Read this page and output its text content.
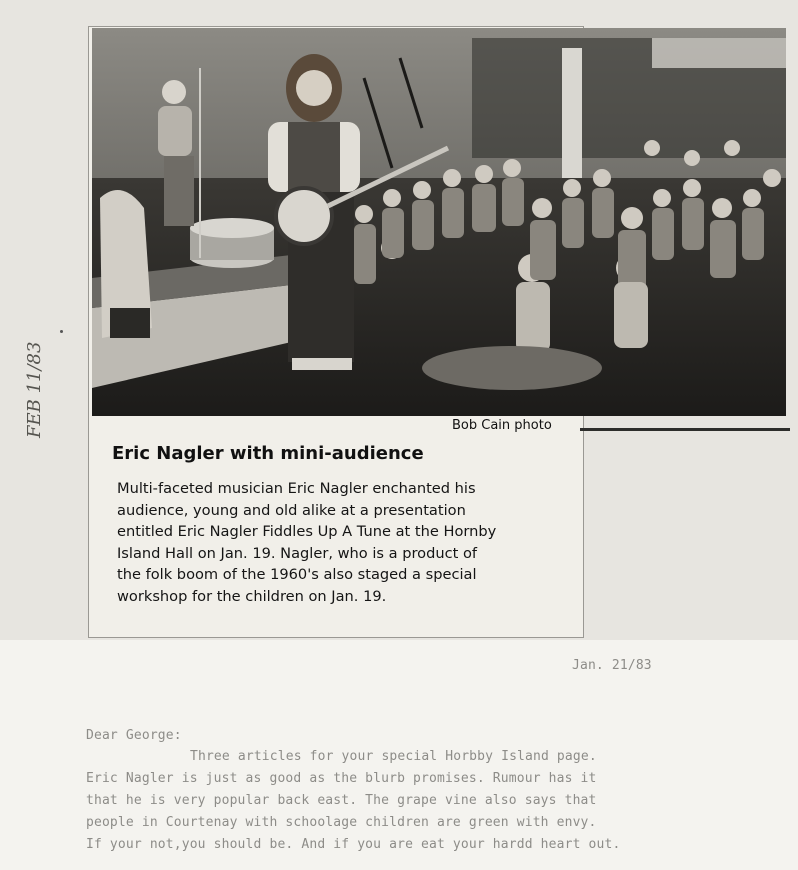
Bob Cain photo
Eric Nagler with mini-audience

Multi-faceted musician Eric Nagler enchanted his
audience, young and old alike at a presentation
entitled Eric Nagler Fiddles Up A Tune at the Hornby
Island Hall on Jan. 19. Nagler, who is a product of
the folk boom of the 1960's also staged a special
workshop for the children on Jan. 19.

FEB 11/83
Jan. 21/83
Dear George:
Three articles for your special Horbby Island page.
Eric Nagler is just as good as the blurb promises. Rumour has it
that he is very popular back east. The grape vine also says that
people in Courtenay with schoolage children are green with envy.
If your not,you should be. And if you are eat your hardd heart out.
